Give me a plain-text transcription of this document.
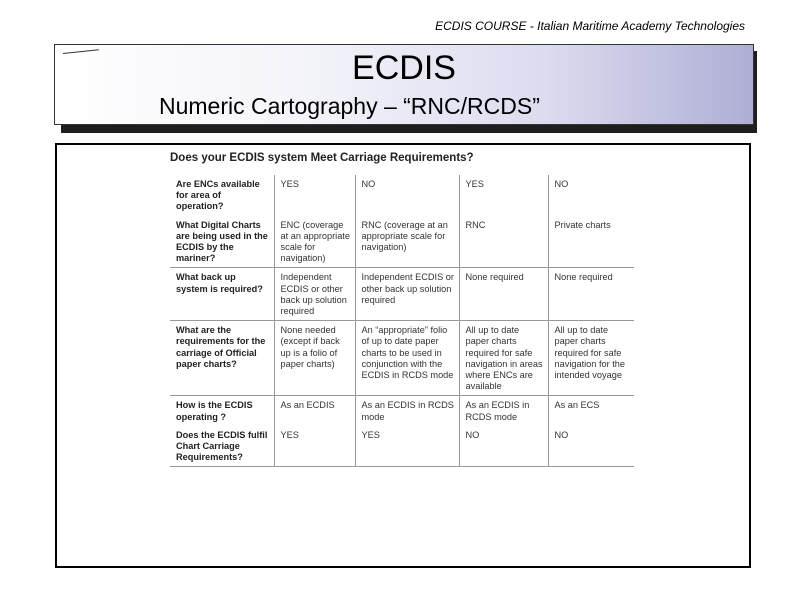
ECDIS COURSE - Italian Maritime Academy Technologies
ECDIS
Numeric Cartography – “RNC/RCDS”
Does your ECDIS system Meet Carriage Requirements?
Are ENCs available for area of operation?	YES	NO	YES	NO
What Digital Charts are being used in the ECDIS by the mariner?	ENC (coverage at an appropriate scale for navigation)	RNC (coverage at an appropriate scale for navigation)	RNC	Private charts
What back up system is required?	Independent ECDIS or other back up solution required	Independent ECDIS or other back up solution required	None required	None required
What are the requirements for the carriage of Official paper charts?	None needed (except if back up is a folio of paper charts)	An “appropriate” folio of up to date paper charts to be used in conjunction with the ECDIS in RCDS mode	All up to date paper charts required for safe navigation in areas where ENCs are available	All up to date paper charts required for safe navigation for the intended voyage
How is the ECDIS operating ?	As an ECDIS	As an ECDIS in RCDS mode	As an ECDIS in RCDS mode	As an ECS
Does the ECDIS fulfil Chart Carriage Requirements?	YES	YES	NO	NO
